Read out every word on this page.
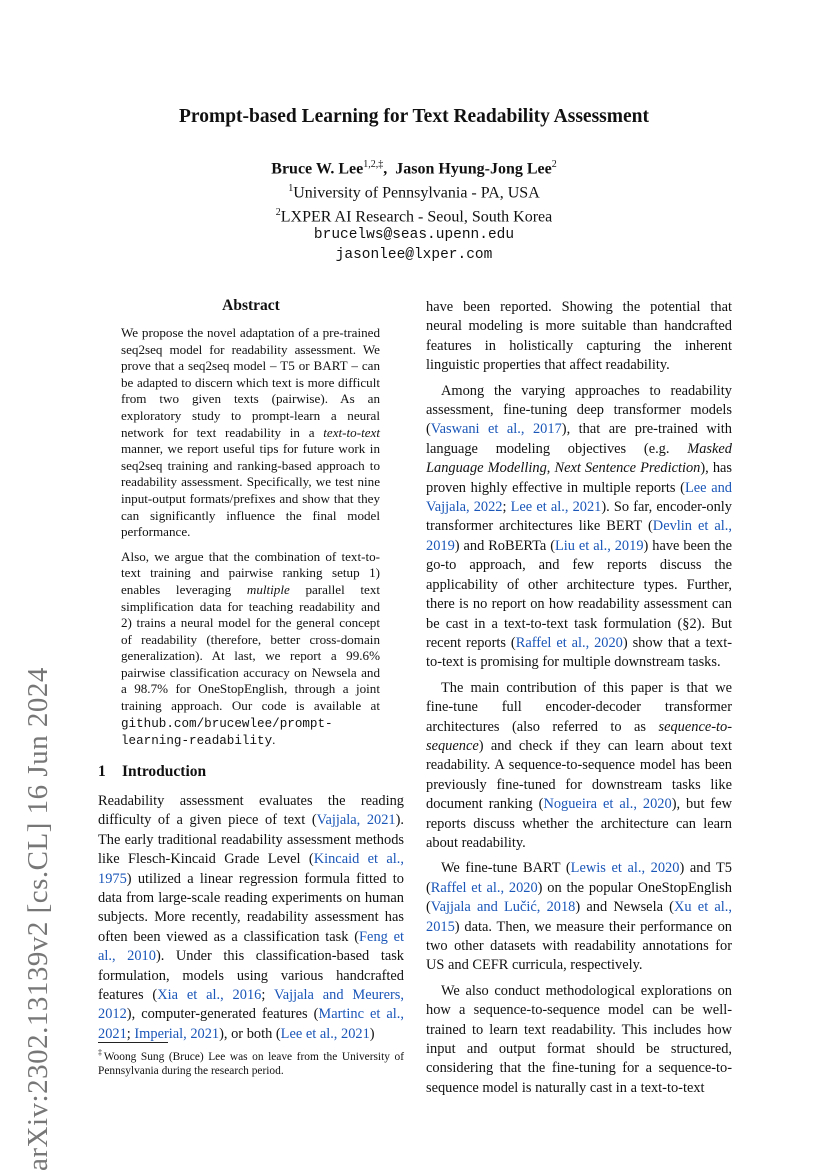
arXiv:2302.13139v2 [cs.CL] 16 Jun 2024
Prompt-based Learning for Text Readability Assessment
Bruce W. Lee$^{1,2,\ddagger}$,  Jason Hyung-Jong Lee$^2$
$^1$University of Pennsylvania - PA, USA
$^2$LXPER AI Research - Seoul, South Korea
brucelws@seas.upenn.edu
jasonlee@lxper.com
Abstract

We propose the novel adaptation of a pre-trained seq2seq model for readability assessment. We prove that a seq2seq model – T5 or BART – can be adapted to discern which text is more difficult from two given texts (pairwise). As an exploratory study to prompt-learn a neural network for text readability in a text-to-text manner, we report useful tips for future work in seq2seq training and ranking-based approach to readability assessment. Specifically, we test nine input-output formats/prefixes and show that they can significantly influence the final model performance.

Also, we argue that the combination of text-to-text training and pairwise ranking setup 1) enables leveraging multiple parallel text simplification data for teaching readability and 2) trains a neural model for the general concept of readability (therefore, better cross-domain generalization). At last, we report a 99.6% pairwise classification accuracy on Newsela and a 98.7% for OneStopEnglish, through a joint training approach. Our code is available at github.com/brucewlee/prompt-learning-readability.

1 Introduction

Readability assessment evaluates the reading difficulty of a given piece of text (Vajjala, 2021). The early traditional readability assessment methods like Flesch-Kincaid Grade Level (Kincaid et al., 1975) utilized a linear regression formula fitted to data from large-scale reading experiments on human subjects. More recently, readability assessment has often been viewed as a classification task (Feng et al., 2010). Under this classification-based task formulation, models using various handcrafted features (Xia et al., 2016; Vajjala and Meurers, 2012), computer-generated features (Martinc et al., 2021; Imperial, 2021), or both (Lee et al., 2021)

‡Woong Sung (Bruce) Lee was on leave from the University of Pennsylvania during the research period.

have been reported. Showing the potential that neural modeling is more suitable than handcrafted features in holistically capturing the inherent linguistic properties that affect readability.

Among the varying approaches to readability assessment, fine-tuning deep transformer models (Vaswani et al., 2017), that are pre-trained with language modeling objectives (e.g. Masked Language Modelling, Next Sentence Prediction), has proven highly effective in multiple reports (Lee and Vajjala, 2022; Lee et al., 2021). So far, encoder-only transformer architectures like BERT (Devlin et al., 2019) and RoBERTa (Liu et al., 2019) have been the go-to approach, and few reports discuss the applicability of other architecture types. Further, there is no report on how readability assessment can be cast in a text-to-text task formulation (§2). But recent reports (Raffel et al., 2020) show that a text-to-text is promising for multiple downstream tasks.

The main contribution of this paper is that we fine-tune full encoder-decoder transformer architectures (also referred to as sequence-to-sequence) and check if they can learn about text readability. A sequence-to-sequence model has been previously fine-tuned for downstream tasks like document ranking (Nogueira et al., 2020), but few reports discuss whether the architecture can learn about readability.

We fine-tune BART (Lewis et al., 2020) and T5 (Raffel et al., 2020) on the popular OneStopEnglish (Vajjala and Lučić, 2018) and Newsela (Xu et al., 2015) data. Then, we measure their performance on two other datasets with readability annotations for US and CEFR curricula, respectively.

We also conduct methodological explorations on how a sequence-to-sequence model can be well-trained to learn text readability. This includes how input and output format should be structured, considering that the fine-tuning for a sequence-to-sequence model is naturally cast in a text-to-text
